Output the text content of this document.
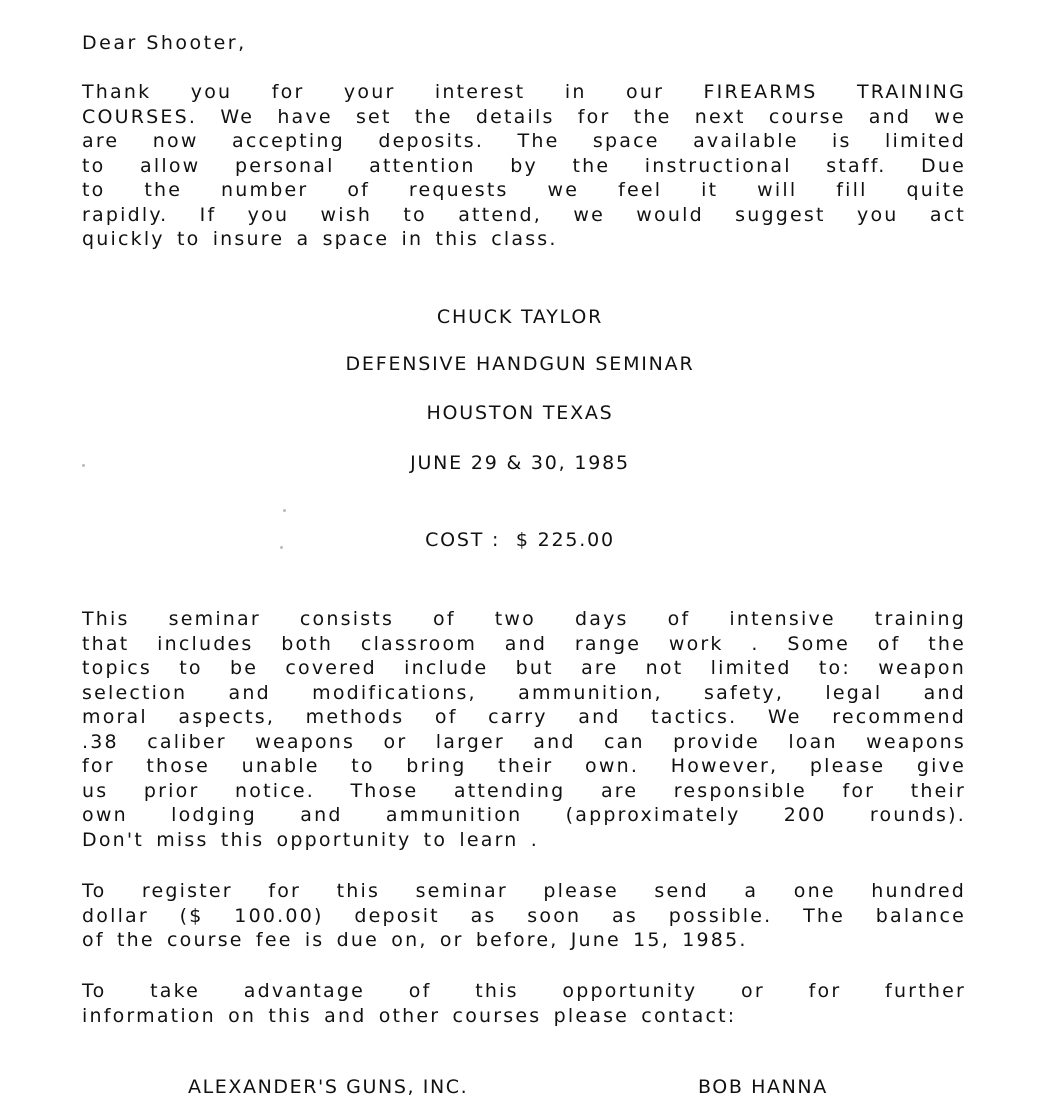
Dear Shooter,
Thank you for your interest in our FIREARMS TRAINING
COURSES. We have set the details for the next course and we
are now accepting deposits. The space available is limited
to allow personal attention by the instructional staff. Due
to the number of requests we feel it will fill quite
rapidly. If you wish to attend, we would suggest you act
quickly to insure a space in this class.
CHUCK TAYLOR
DEFENSIVE HANDGUN SEMINAR
HOUSTON TEXAS
JUNE 29 & 30, 1985
COST :  $ 225.00
This seminar consists of two days of intensive training
that includes both classroom and range work . Some of the
topics to be covered include but are not limited to: weapon
selection and modifications, ammunition, safety, legal and
moral aspects, methods of carry and tactics. We recommend
.38 caliber weapons or larger and can provide loan weapons
for those unable to bring their own. However, please give
us prior notice. Those attending are responsible for their
own lodging and ammunition (approximately 200 rounds).
Don't miss this opportunity to learn .
To register for this seminar please send a one hundred
dollar ($ 100.00) deposit as soon as possible. The balance
of the course fee is due on, or before, June 15, 1985.
To take advantage of this opportunity or for further
information on this and other courses please contact:
ALEXANDER'S GUNS, INC.	BOB HANNA
